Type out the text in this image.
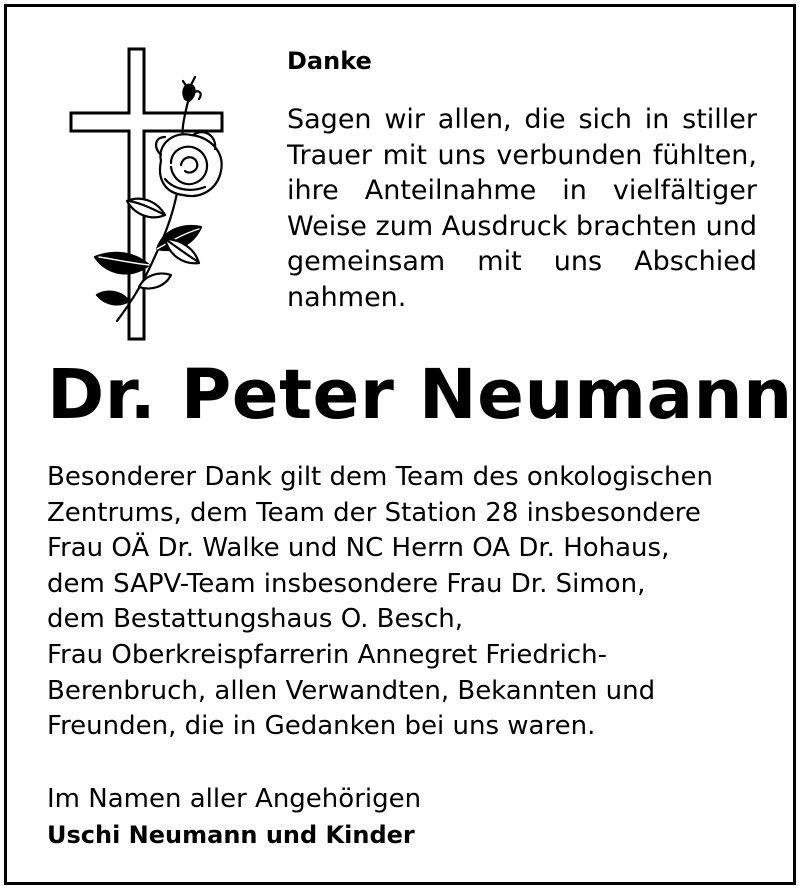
Danke

Sagen wir allen, die sich in stiller Trauer mit uns verbunden fühlten, ihre Anteilnahme in vielfältiger Weise zum Ausdruck brachten und gemeinsam mit uns Abschied nahmen.

Dr. Peter Neumann

Besonderer Dank gilt dem Team des onkologischen
Zentrums, dem Team der Station 28 insbesondere
Frau OÄ Dr. Walke und NC Herrn OA Dr. Hohaus,
dem SAPV-Team insbesondere Frau Dr. Simon,
dem Bestattungshaus O. Besch,
Frau Oberkreispfarrerin Annegret Friedrich-
Berenbruch, allen Verwandten, Bekannten und
Freunden, die in Gedanken bei uns waren.

Im Namen aller Angehörigen

Uschi Neumann und Kinder
